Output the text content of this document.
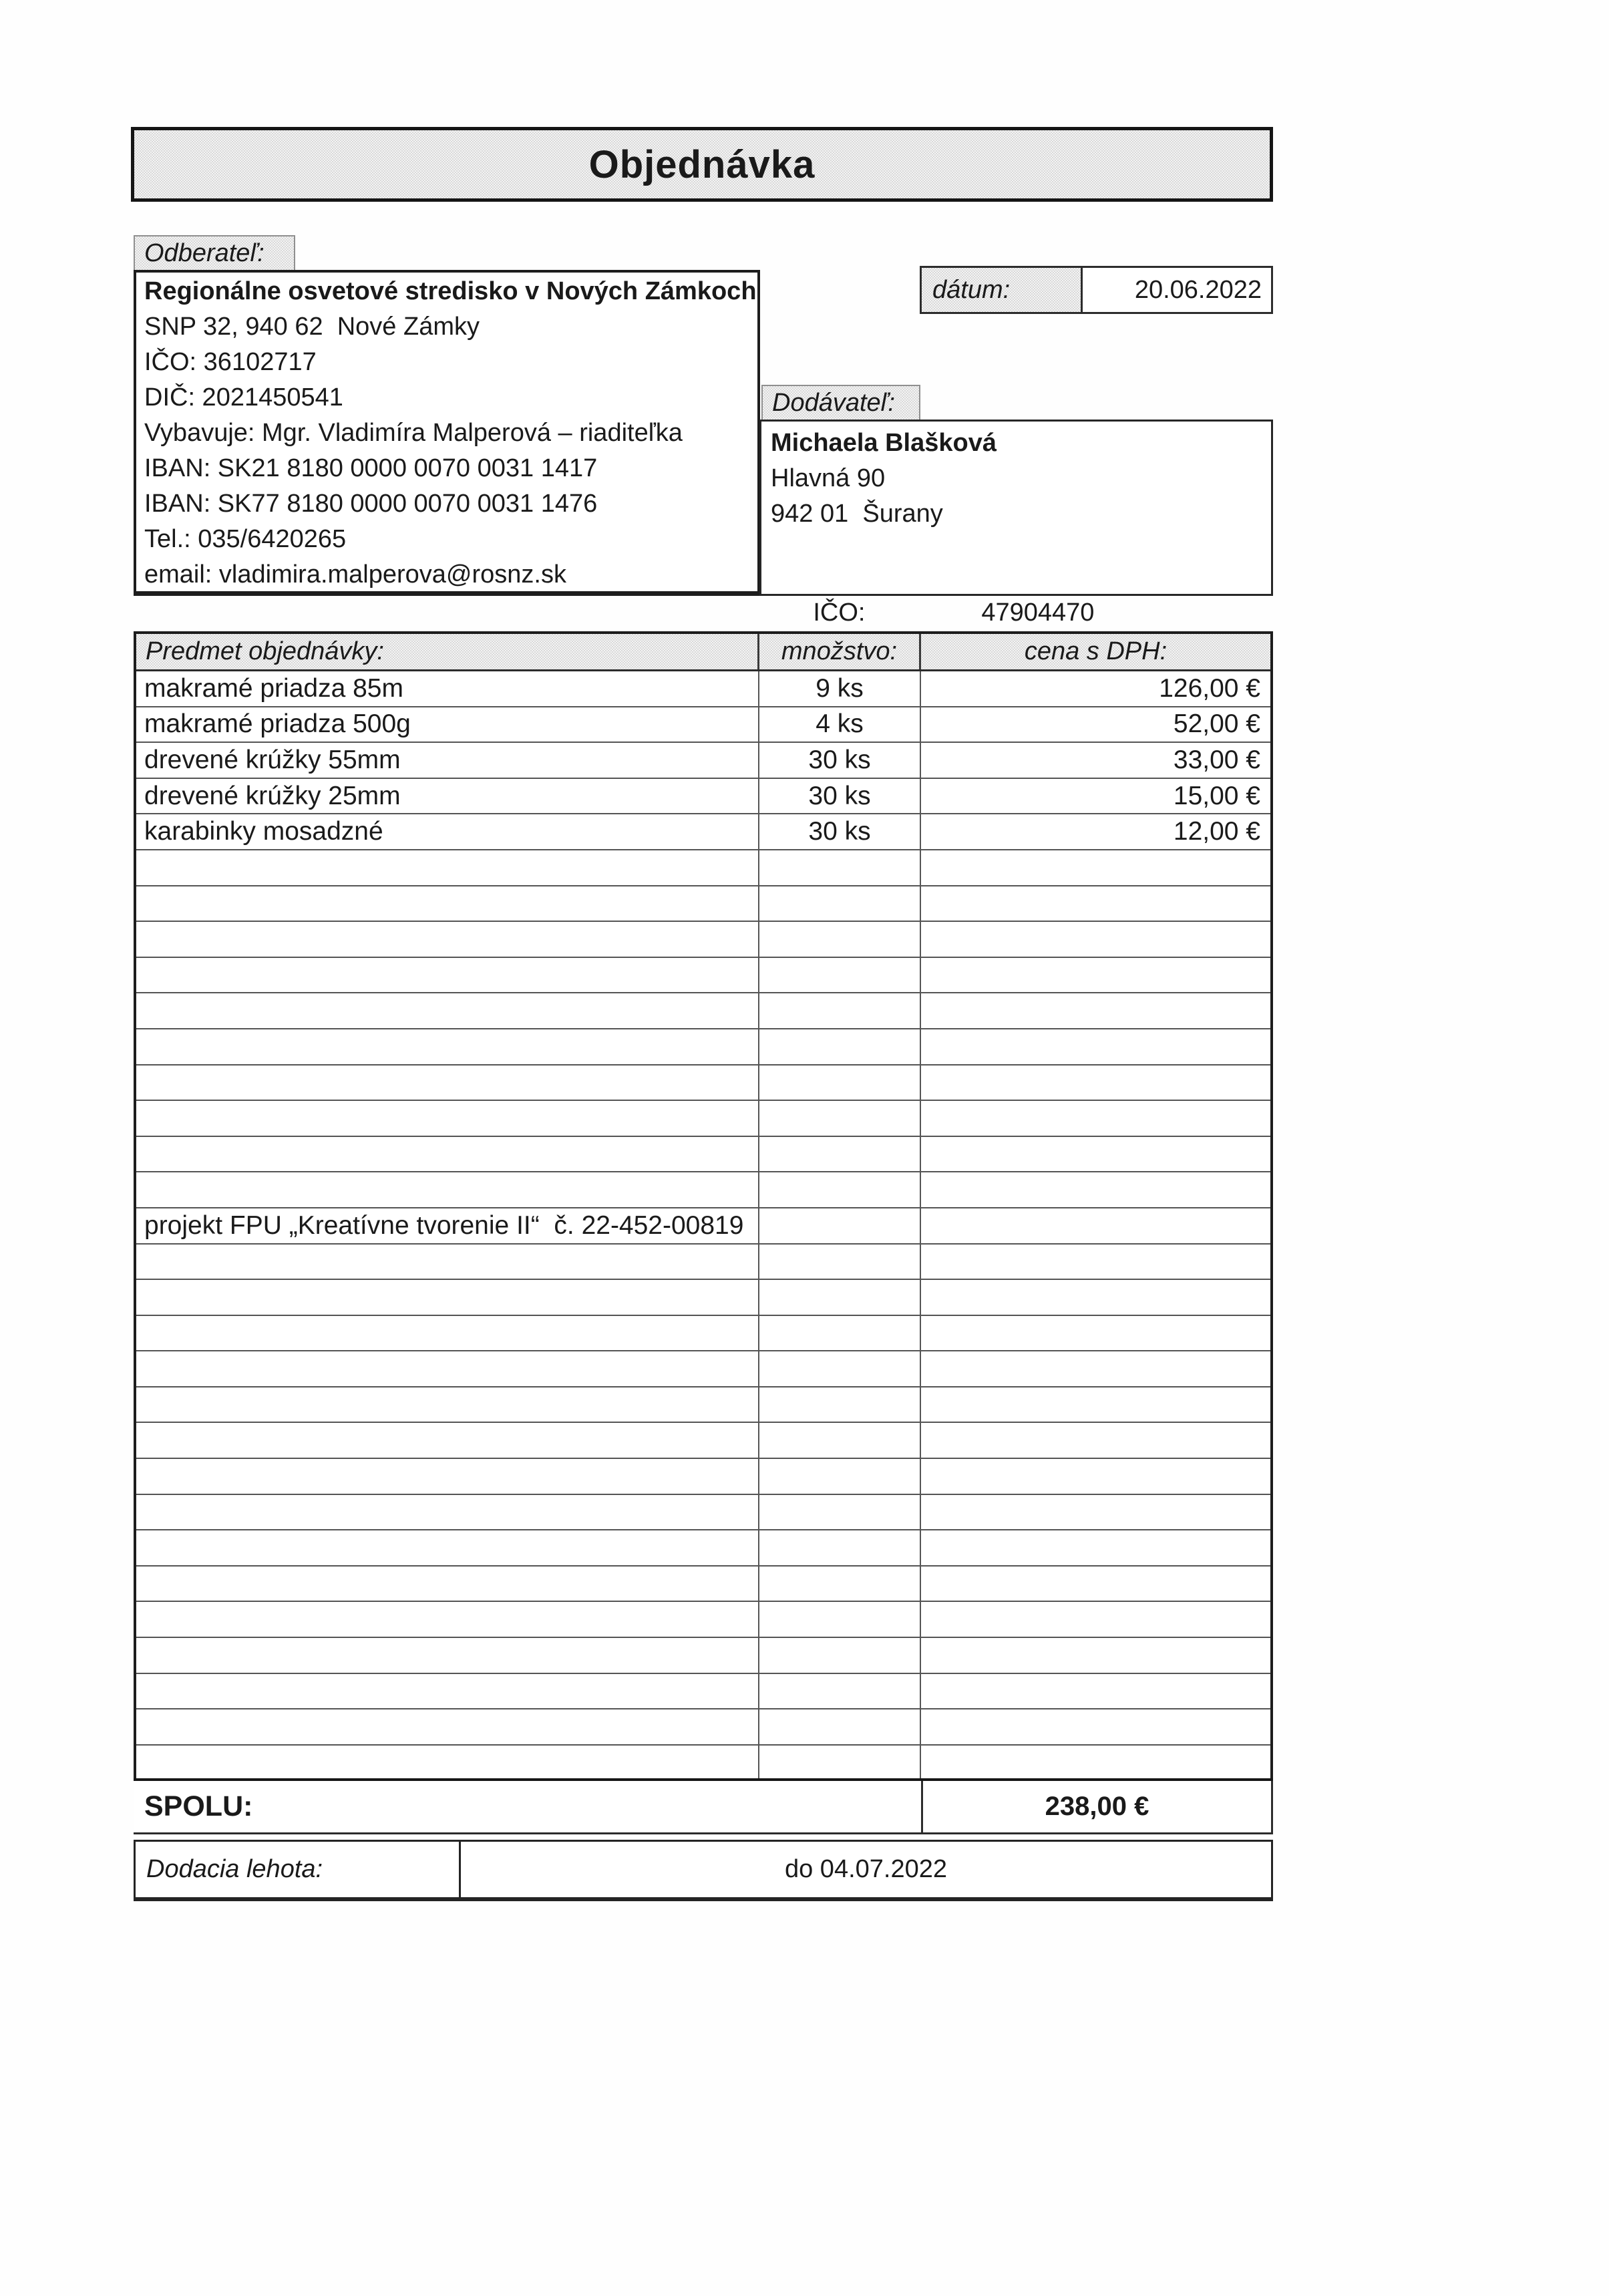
Objednávka
Odberateľ:
Regionálne osvetové stredisko v Nových Zámkoch
SNP 32, 940 62  Nové Zámky
IČO: 36102717
DIČ: 2021450541
Vybavuje: Mgr. Vladimíra Malperová – riaditeľka
IBAN: SK21 8180 0000 0070 0031 1417
IBAN: SK77 8180 0000 0070 0031 1476
Tel.: 035/6420265
email: vladimira.malperova@rosnz.sk
dátum:	20.06.2022
Dodávateľ:
Michaela Blašková
Hlavná 90
942 01  Šurany

IČO:	47904470

Predmet objednávky:	množstvo:	cena s DPH:
makramé priadza 85m	9 ks	126,00 €
makramé priadza 500g	4 ks	52,00 €
drevené krúžky 55mm	30 ks	33,00 €
drevené krúžky 25mm	30 ks	15,00 €
karabinky mosadzné	30 ks	12,00 €
projekt FPU „Kreatívne tvorenie II“  č. 22-452-00819
SPOLU:	238,00 €
Dodacia lehota:	do 04.07.2022
